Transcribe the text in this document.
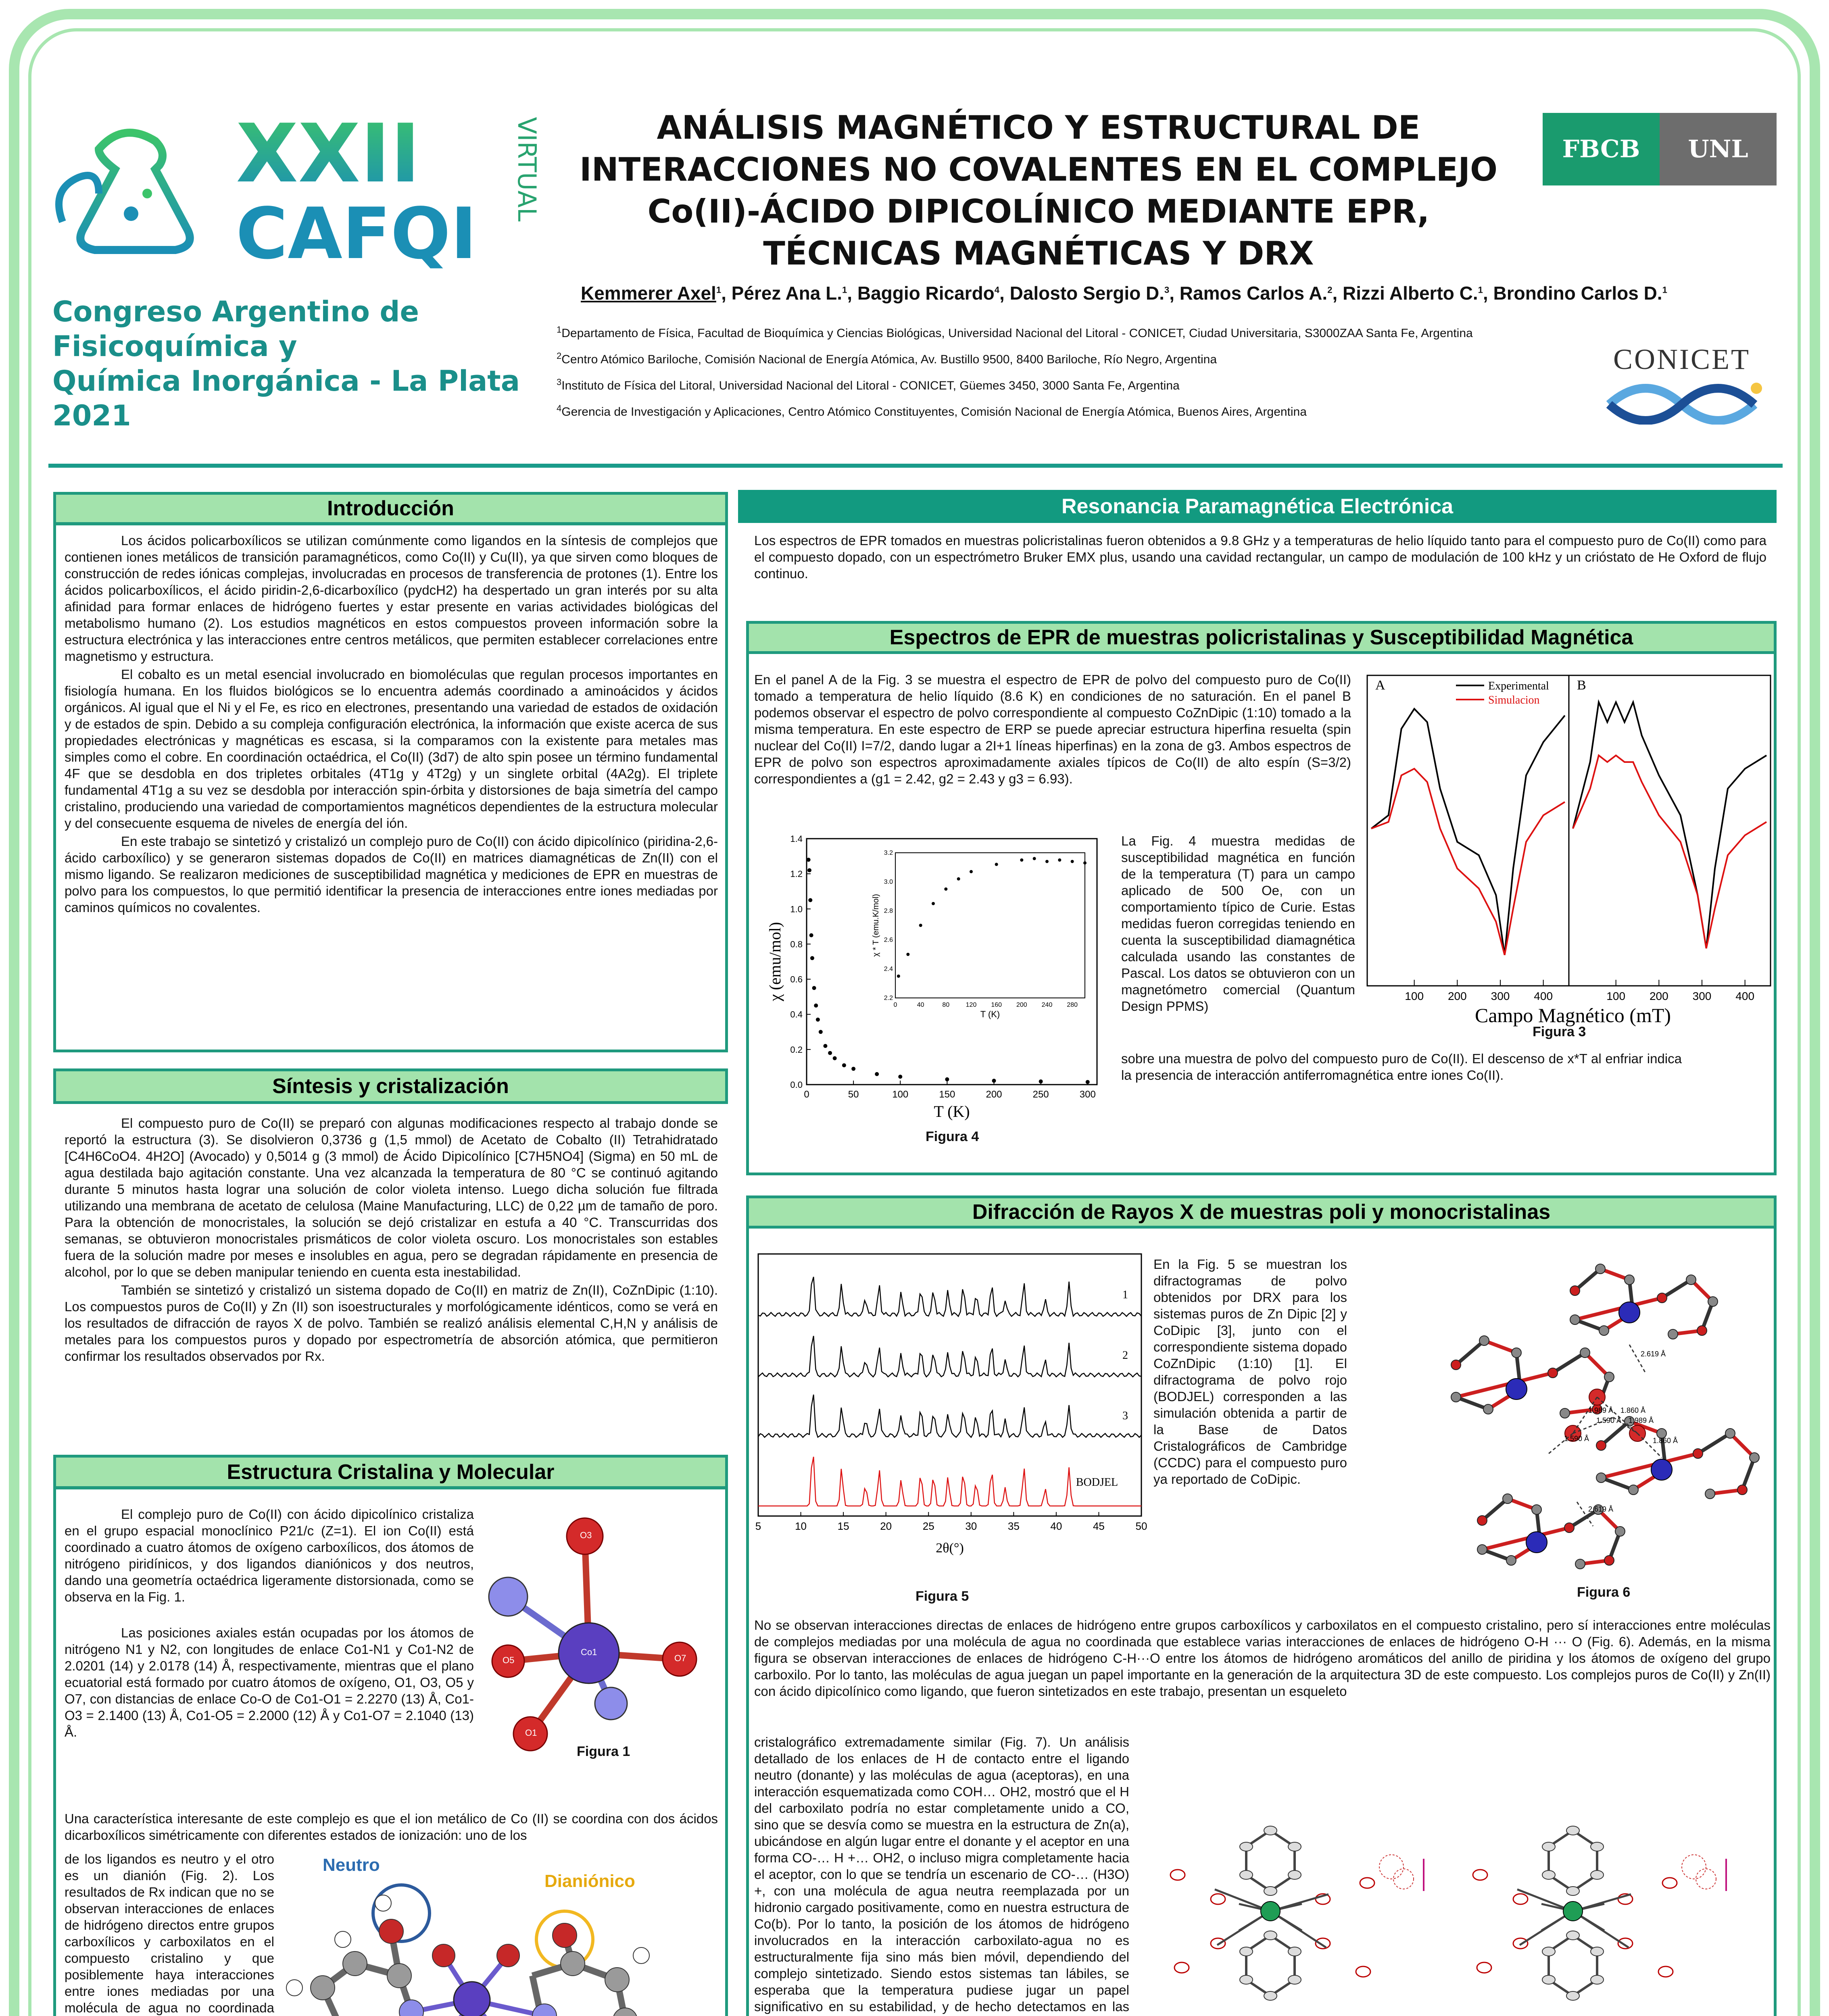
XXII
CAFQI
VIRTUAL
Congreso Argentino de Fisicoquímica y
Química Inorgánica - La Plata 2021
ANÁLISIS MAGNÉTICO Y ESTRUCTURAL DE INTERACCIONES NO COVALENTES EN EL COMPLEJO Co(II)-ÁCIDO DIPICOLÍNICO MEDIANTE EPR, TÉCNICAS MAGNÉTICAS Y DRX
Kemmerer Axel$^1$, Pérez Ana L.$^1$, Baggio Ricardo$^4$, Dalosto Sergio D.$^3$, Ramos Carlos A.$^2$, Rizzi Alberto C.$^1$, Brondino Carlos D.$^1$
$^1$Departamento de Física, Facultad de Bioquímica y Ciencias Biológicas, Universidad Nacional del Litoral - CONICET, Ciudad Universitaria, S3000ZAA Santa Fe, Argentina
$^2$Centro Atómico Bariloche, Comisión Nacional de Energía Atómica, Av. Bustillo 9500, 8400 Bariloche, Río Negro, Argentina
$^3$Instituto de Física del Litoral, Universidad Nacional del Litoral - CONICET, Güemes 3450, 3000 Santa Fe, Argentina
$^4$Gerencia de Investigación y Aplicaciones, Centro Atómico Constituyentes, Comisión Nacional de Energía Atómica, Buenos Aires, Argentina
FBCB	UNL
CONICET
Introducción

Los ácidos policarboxílicos se utilizan comúnmente como ligandos en la síntesis de complejos que contienen iones metálicos de transición paramagnéticos, como Co(II) y Cu(II), ya que sirven como bloques de construcción de redes iónicas complejas, involucradas en procesos de transferencia de protones (1). Entre los ácidos policarboxílicos, el ácido piridin-2,6-dicarboxílico (pydcH2) ha despertado un gran interés por su alta afinidad para formar enlaces de hidrógeno fuertes y estar presente en varias actividades biológicas del metabolismo humano (2). Los estudios magnéticos en estos compuestos proveen información sobre la estructura electrónica y las interacciones entre centros metálicos, que permiten establecer correlaciones entre magnetismo y estructura.

El cobalto es un metal esencial involucrado en biomoléculas que regulan procesos importantes en fisiología humana. En los fluidos biológicos se lo encuentra además coordinado a aminoácidos y ácidos orgánicos. Al igual que el Ni y el Fe, es rico en electrones, presentando una variedad de estados de oxidación y de estados de spin. Debido a su compleja configuración electrónica, la información que existe acerca de sus propiedades electrónicas y magnéticas es escasa, si la comparamos con la existente para metales mas simples como el cobre. En coordinación octaédrica, el Co(II) (3d7) de alto spin posee un término fundamental 4F que se desdobla en dos tripletes orbitales (4T1g y 4T2g) y un singlete orbital (4A2g). El triplete fundamental 4T1g a su vez se desdobla por interacción spin-órbita y distorsiones de baja simetría del campo cristalino, produciendo una variedad de comportamientos magnéticos dependientes de la estructura molecular y del consecuente esquema de niveles de energía del ión.

En este trabajo se sintetizó y cristalizó un complejo puro de Co(II) con ácido dipicolínico (piridina-2,6-ácido carboxílico) y se generaron sistemas dopados de Co(II) en matrices diamagnéticas de Zn(II) con el mismo ligando. Se realizaron mediciones de susceptibilidad magnética y mediciones de EPR en muestras de polvo para los compuestos, lo que permitió identificar la presencia de interacciones entre iones mediadas por caminos químicos no covalentes.

Síntesis y cristalización

El compuesto puro de Co(II) se preparó con algunas modificaciones respecto al trabajo donde se reportó la estructura (3). Se disolvieron 0,3736 g (1,5 mmol) de Acetato de Cobalto (II) Tetrahidratado [C4H6CoO4. 4H2O] (Avocado) y 0,5014 g (3 mmol) de Ácido Dipicolínico [C7H5NO4] (Sigma) en 50 mL de agua destilada bajo agitación constante. Una vez alcanzada la temperatura de 80 °C se continuó agitando durante 5 minutos hasta lograr una solución de color violeta intenso. Luego dicha solución fue filtrada utilizando una membrana de acetato de celulosa (Maine Manufacturing, LLC) de 0,22 µm de tamaño de poro. Para la obtención de monocristales, la solución se dejó cristalizar en estufa a 40 °C. Transcurridas dos semanas, se obtuvieron monocristales prismáticos de color violeta oscuro. Los monocristales son estables fuera de la solución madre por meses e insolubles en agua, pero se degradan rápidamente en presencia de alcohol, por lo que se deben manipular teniendo en cuenta esta inestabilidad.

También se sintetizó y cristalizó un sistema dopado de Co(II) en matriz de Zn(II), CoZnDipic (1:10). Los compuestos puros de Co(II) y Zn (II) son isoestructurales y morfológicamente idénticos, como se verá en los resultados de difracción de rayos X de polvo. También se realizó análisis elemental C,H,N y análisis de metales para los compuestos puros y dopado por espectrometría de absorción atómica, que permitieron confirmar los resultados observados por Rx.

Estructura Cristalina y Molecular

El complejo puro de Co(II) con ácido dipicolínico cristaliza en el grupo espacial monoclínico P21/c (Z=1). El ion Co(II) está coordinado a cuatro átomos de oxígeno carboxílicos, dos átomos de nitrógeno piridínicos, y dos ligandos dianiónicos y dos neutros, dando una geometría octaédrica ligeramente distorsionada, como se observa en la Fig. 1.

Las posiciones axiales están ocupadas por los átomos de nitrógeno N1 y N2, con longitudes de enlace Co1-N1 y Co1-N2 de 2.0201 (14) y 2.0178 (14) Å, respectivamente, mientras que el plano ecuatorial está formado por cuatro átomos de oxígeno, O1, O3, O5 y O7, con distancias de enlace Co-O de Co1-O1 = 2.2270 (13) Å, Co1-O3 = 2.1400 (13) Å, Co1-O5 = 2.2000 (12) Å y Co1-O7 = 2.1040 (13) Å.

O3
Co1
O7
O5
O1
Figura 1
Una característica interesante de este complejo es que el ion metálico de Co (II) se coordina con dos ácidos dicarboxílicos simétricamente con diferentes estados de ionización: uno de los
de los ligandos es neutro y el otro es un dianión (Fig. 2). Los resultados de Rx indican que no se observan interacciones de enlaces de hidrógeno directos entre grupos carboxílicos y carboxilatos en el compuesto cristalino y que posiblemente haya interacciones entre iones mediadas por una molécula de agua no coordinada
Neutro
Dianiónico
Resonancia Paramagnética Electrónica
Los espectros de EPR tomados en muestras policristalinas fueron obtenidos a 9.8 GHz y a temperaturas de helio líquido tanto para el compuesto puro de Co(II) como para el compuesto dopado, con un espectrómetro Bruker EMX plus, usando una cavidad rectangular, un campo de modulación de 100 kHz y un crióstato de He Oxford de flujo continuo.
Espectros de EPR de muestras policristalinas y Susceptibilidad Magnética
En el panel A de la Fig. 3 se muestra el espectro de EPR de polvo del compuesto puro de Co(II) tomado a temperatura de helio líquido (8.6 K) en condiciones de no saturación. En el panel B podemos observar el espectro de polvo correspondiente al compuesto CoZnDipic (1:10) tomado a la misma temperatura. En este espectro de ERP se puede apreciar estructura hiperfina resuelta (spin nuclear del Co(II) I=7/2, dando lugar a 2I+1 líneas hiperfinas) en la zona de g3. Ambos espectros de EPR de polvo son espectros aproximadamente axiales típicos de Co(II) de alto espín (S=3/2) correspondientes a (g1 = 2.42, g2 = 2.43 y g3 = 6.93).
La Fig. 4 muestra medidas de susceptibilidad magnética en función de la temperatura (T) para un campo aplicado de 500 Oe, con un comportamiento típico de Curie. Estas medidas fueron corregidas teniendo en cuenta la susceptibilidad diamagnética calculada usando las constantes de Pascal. Los datos se obtuvieron con un magnetómetro comercial (Quantum Design PPMS)
sobre una muestra de polvo del compuesto puro de Co(II). El descenso de x*T al enfriar indica la presencia de interacción antiferromagnética entre iones Co(II).
A
100 200 300 400
B
100 200 300 400
Experimental
Simulacion
Campo Magnético (mT)
Figura 3
0	50	100	150	200	250	300
0.0
0.2
0.4
0.6
0.8
1.0
1.2
1.4
T (K)
χ (emu/mol)
0	40	80	120 160 200 240 280
2.2
2.4
2.6
2.8
3.0
3.2
T (K)
χ * T (emu.K/mol)
Figura 4
Difracción de Rayos X de muestras poli y monocristalinas
5	10	15	20	25	30	35	40	45	50
1
2
3
BODJEL
2θ(°)
Figura 5
En la Fig. 5 se muestran los difractogramas de polvo obtenidos por DRX para los sistemas puros de Zn Dipic [2] y CoDipic [3], junto con el correspondiente sistema dopado CoZnDipic (1:10) [1]. El difractograma de polvo rojo (BODJEL) corresponden a las simulación obtenida a partir de la Base de Datos Cristalográficos de Cambridge (CCDC) para el compuesto puro ya reportado de CoDipic.
2.619 Å
1.989 Å
1.590 Å
1.860 Å
1.590 Å	1.860 Å
1.989 Å
2.619 Å
Figura 6
No se observan interacciones directas de enlaces de hidrógeno entre grupos carboxílicos y carboxilatos en el compuesto cristalino, pero sí interacciones entre moléculas de complejos mediadas por una molécula de agua no coordinada que establece varias interacciones de enlaces de hidrógeno O-H ··· O (Fig. 6). Además, en la misma figura se observan interacciones de enlaces de hidrógeno C-H···O entre los átomos de hidrógeno aromáticos del anillo de piridina y los átomos de oxígeno del grupo carboxilo. Por lo tanto, las moléculas de agua juegan un papel importante en la generación de la arquitectura 3D de este compuesto. Los complejos puros de Co(II) y Zn(II) con ácido dipicolínico como ligando, que fueron sintetizados en este trabajo, presentan un esqueleto
cristalográfico extremadamente similar (Fig. 7). Un análisis detallado de los enlaces de H de contacto entre el ligando neutro (donante) y las moléculas de agua (aceptoras), en una interacción esquematizada como COH… OH2, mostró que el H del carboxilato podría no estar completamente unido a CO, sino que se desvía como se muestra en la estructura de Zn(a), ubicándose en algún lugar entre el donante y el aceptor en una forma CO-… H +… OH2, o incluso migra completamente hacia el aceptor, con lo que se tendría un escenario de CO-… (H3O) +, con una molécula de agua neutra reemplazada por un hidronio cargado positivamente, como en nuestra estructura de Co(b). Por lo tanto, la posición de los átomos de hidrógeno involucrados en la interacción carboxilato-agua no es estructuralmente fija sino más bien móvil, dependiendo del complejo sintetizado. Siendo estos sistemas tan lábiles, se esperaba que la temperatura pudiese jugar un papel significativo en su estabilidad, y de hecho detectamos en las
